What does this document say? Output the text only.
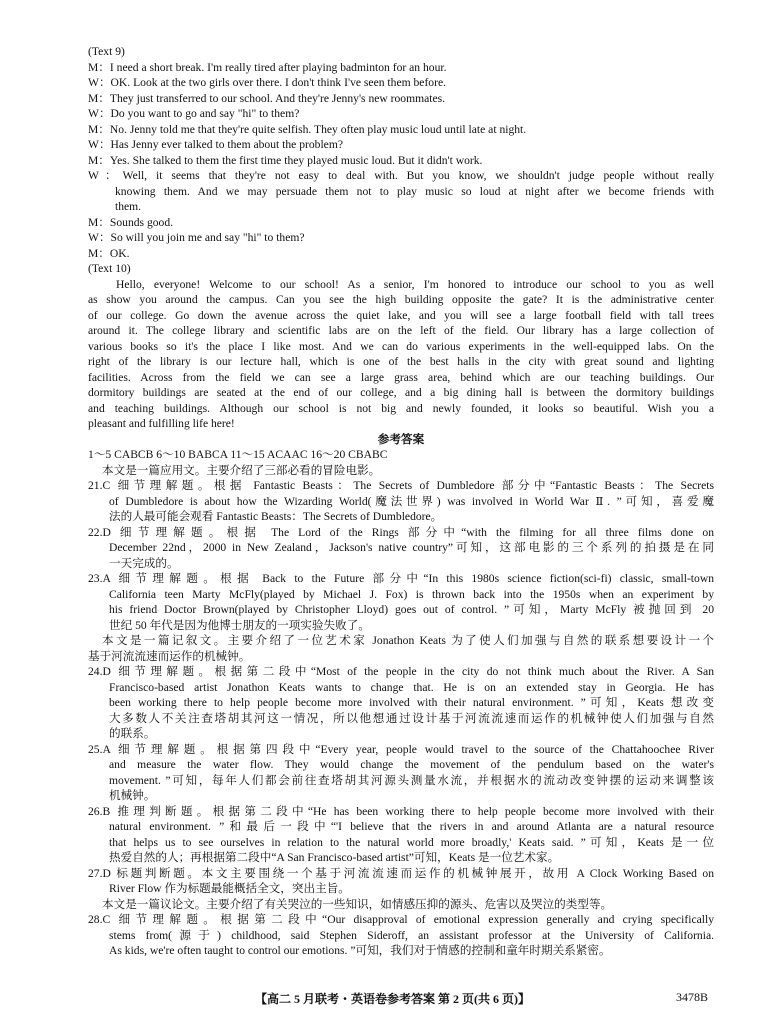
(Text 9)
M：I need a short break. I'm really tired after playing badminton for an hour.
W：OK. Look at the two girls over there. I don't think I've seen them before.
M：They just transferred to our school. And they're Jenny's new roommates.
W：Do you want to go and say "hi" to them?
M：No. Jenny told me that they're quite selfish. They often play music loud until late at night.
W：Has Jenny ever talked to them about the problem?
M：Yes. She talked to them the first time they played music loud. But it didn't work.
W：Well, it seems that they're not easy to deal with. But you know, we shouldn't judge people without really
knowing them. And we may persuade them not to play music so loud at night after we become friends with
them.
M：Sounds good.
W：So will you join me and say "hi" to them?
M：OK.
(Text 10)
Hello, everyone! Welcome to our school! As a senior, I'm honored to introduce our school to you as well
as show you around the campus. Can you see the high building opposite the gate? It is the administrative center
of our college. Go down the avenue across the quiet lake, and you will see a large football field with tall trees
around it. The college library and scientific labs are on the left of the field. Our library has a large collection of
various books so it's the place I like most. And we can do various experiments in the well-equipped labs. On the
right of the library is our lecture hall, which is one of the best halls in the city with great sound and lighting
facilities. Across from the field we can see a large grass area, behind which are our teaching buildings. Our
dormitory buildings are seated at the end of our college, and a big dining hall is between the dormitory buildings
and teaching buildings. Although our school is not big and newly founded, it looks so beautiful. Wish you a
pleasant and fulfilling life here!
参考答案
1～5 CABCB 6～10 BABCA 11～15 ACAAC 16～20 CBABC
本文是一篇应用文。主要介绍了三部必看的冒险电影。
21.C 细节理解题。根据 Fantastic Beasts：The Secrets of Dumbledore 部分中“Fantastic Beasts：The Secrets
of Dumbledore is about how the Wizarding World(魔法世界) was involved in World War Ⅱ. ”可知，喜爱魔
法的人最可能会观看 Fantastic Beasts：The Secrets of Dumbledore。
22.D 细节理解题。根据 The Lord of the Rings 部分中“with the filming for all three films done on
December 22nd，2000 in New Zealand，Jackson's native country”可知，这部电影的三个系列的拍摄是在同
一天完成的。
23.A 细节理解题。根据 Back to the Future 部分中“In this 1980s science fiction(sci-fi) classic, small-town
California teen Marty McFly(played by Michael J. Fox) is thrown back into the 1950s when an experiment by
his friend Doctor Brown(played by Christopher Lloyd) goes out of control. ”可知，Marty McFly 被抛回到 20
世纪 50 年代是因为他博士朋友的一项实验失败了。
本文是一篇记叙文。主要介绍了一位艺术家 Jonathon Keats 为了使人们加强与自然的联系想要设计一个
基于河流流速而运作的机械钟。
24.D 细节理解题。根据第二段中“Most of the people in the city do not think much about the River. A San
Francisco-based artist Jonathon Keats wants to change that. He is on an extended stay in Georgia. He has
been working there to help people become more involved with their natural environment. ”可知，Keats 想改变
大多数人不关注查塔胡其河这一情况，所以他想通过设计基于河流流速而运作的机械钟使人们加强与自然
的联系。
25.A 细节理解题。根据第四段中“Every year, people would travel to the source of the Chattahoochee River
and measure the water flow. They would change the movement of the pendulum based on the water's
movement. ”可知，每年人们都会前往查塔胡其河源头测量水流，并根据水的流动改变钟摆的运动来调整该
机械钟。
26.B 推理判断题。根据第二段中“He has been working there to help people become more involved with their
natural environment. ”和最后一段中“'I believe that the rivers in and around Atlanta are a natural resource
that helps us to see ourselves in relation to the natural world more broadly,' Keats said. ”可知，Keats 是一位
热爱自然的人；再根据第二段中“A San Francisco-based artist”可知，Keats 是一位艺术家。
27.D 标题判断题。本文主要围绕一个基于河流流速而运作的机械钟展开，故用 A Clock Working Based on
River Flow 作为标题最能概括全文，突出主旨。
本文是一篇议论文。主要介绍了有关哭泣的一些知识，如情感压抑的源头、危害以及哭泣的类型等。
28.C 细节理解题。根据第二段中“Our disapproval of emotional expression generally and crying specifically
stems from(源于) childhood, said Stephen Sideroff, an assistant professor at the University of California.
As kids, we're often taught to control our emotions. ”可知，我们对于情感的控制和童年时期关系紧密。
【高二 5 月联考・英语卷参考答案 第 2 页(共 6 页)】	3478B
